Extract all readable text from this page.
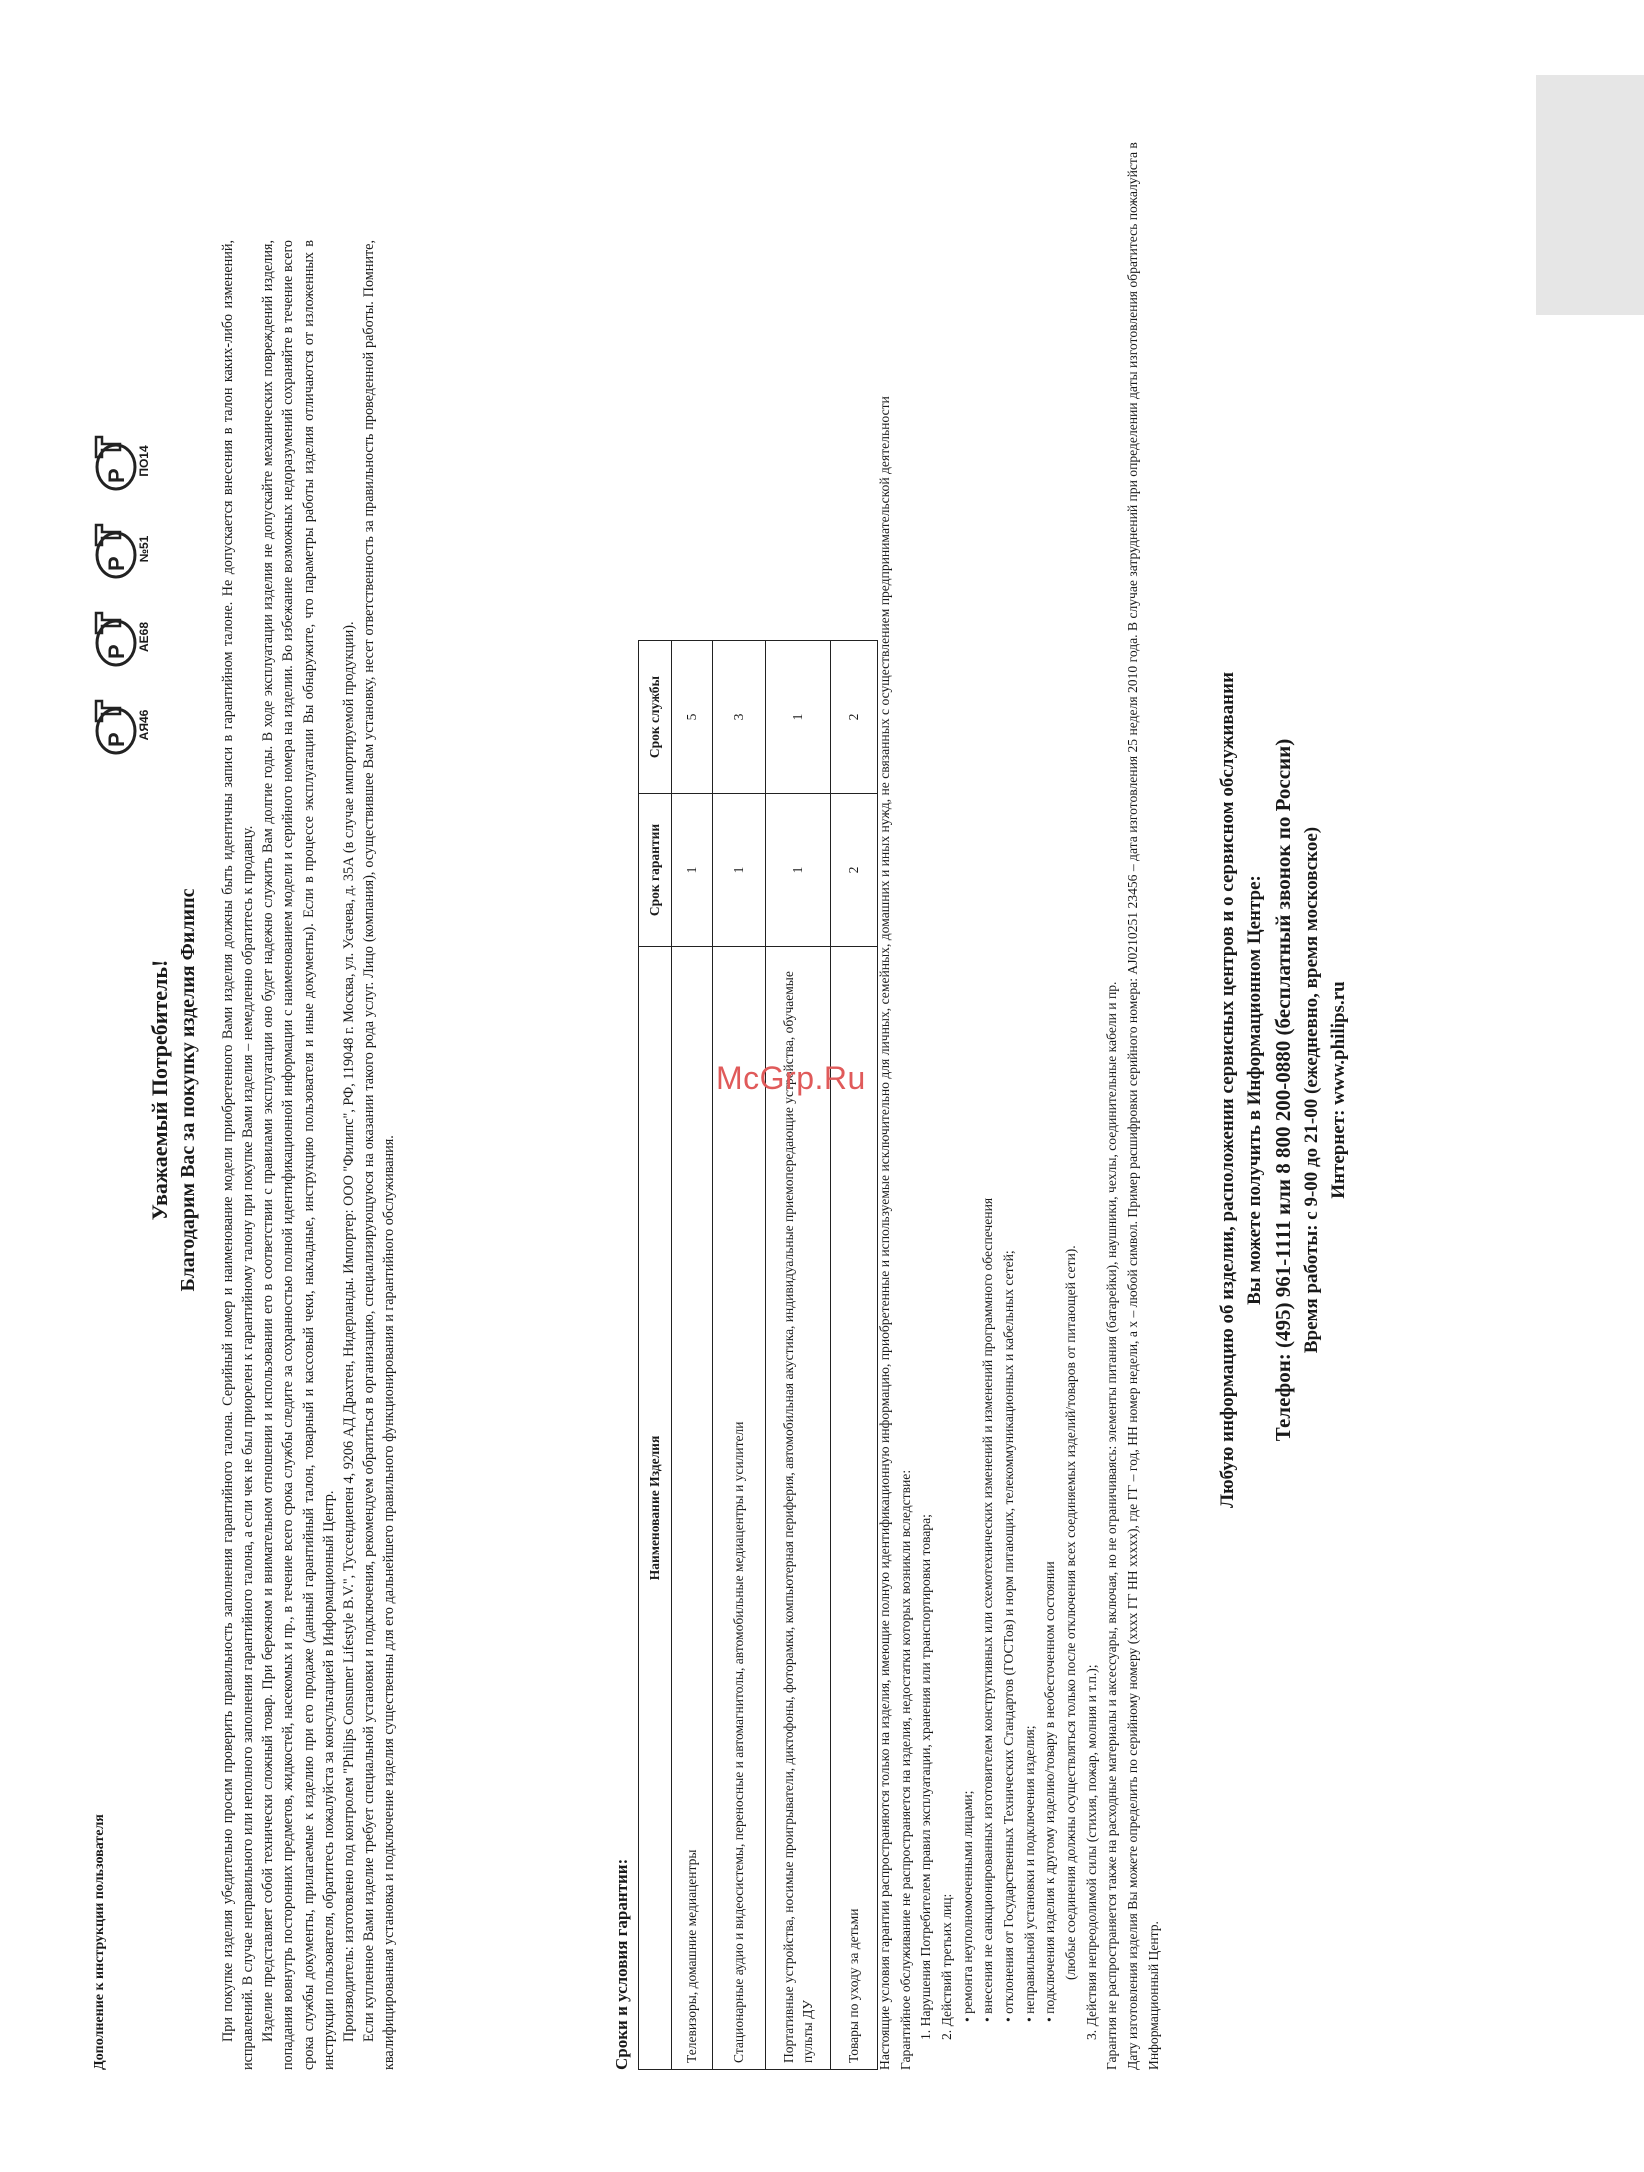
Дополнение к инструкции пользователя
Р АЯ46
Р АЕ68
Р
№51
Р ПО14
Уважаемый Потребитель! Благодарим Вас за покупку изделия Филипс При покупке изделия убедительно просим проверить правильность заполнения гарантийного талона. Серийный номер и наименование модели приобретенного Вами изделия должны быть идентичны записи в гарантийном талоне. Не допускается внесения в талон каких-либо изменений, исправлений. В случае неправильного или неполного заполнения гарантийного талона, а если чек не был приорелен к гарантийному талону при покупке Вами изделия – немедленно обратитесь к продавцу. Изделие представляет собой технически сложный товар. При бережном и внимательном отношении и использовании его в соответствии с правилами эксплуатации оно будет надежно служить Вам долгие годы. В ходе эксплуатации изделия не допускайте механических повреждений изделия, попадания вовнутрь посторонних предметов, жидкостей, насекомых и пр., в течение всего срока службы следите за сохранностью полной идентификационной информации с наименованием модели и серийного номера на изделии. Во избежание возможных недоразумений сохраняйте в течение всего срока службы документы, прилагаемые к изделию при его продаже (данный гарантийный талон, товарный и кассовый чеки, накладные, инструкцию пользователя и иные документы). Если в процессе эксплуатации Вы обнаружите, что параметры работы изделия отличаются от изложенных в инструкции пользователя, обратитесь пожалуйста за консультацией в Информационный Центр. Производитель: изготовлено под контролем "Philips Consumer Lifestyle B.V.", Туссендиепен 4, 9206 АД Драхтен, Нидерланды. Импортер: ООО "Филипс", РФ, 119048 г. Москва, ул. Усачева, д. 35А (в случае импортируемой продукции). Если купленное Вами изделие требует специальной установки и подключения, рекомендуем обратиться в организацию, специализирующуюся на оказании такого рода услуг. Лицо (компания), осуществившее Вам установку, несет ответственность за правильность проведенной работы. Помните, квалифицированная установка и подключение изделия существенны для его дальнейшего правильного функционирования и гарантийного обслуживания.	Сроки и условия гарантии:
Наименование Изделия	Срок гарантии	Срок службы
Телевизоры, домашние медиацентры	1	5
Стационарные аудио и видеосистемы, переносные и автомагнитолы, автомобильные медиацентры и усилители	1	3
Портативные устройства, носимые проигрыватели, диктофоны, фоторамки, компьютерная периферия, автомобильная акустика, индивидуальные приемопередающие устройства, обучаемые пульты ДУ	1	1
Товары по уходу за детьми	2	2 Настоящие условия гарантии распространяются только на изделия, имеющие полную идентификационную информацию, приобретенные и используемые исключительно для личных, семейных, домашних и иных нужд, не связанных с осуществлением предпринимательской деятельности Гарантийное обслуживание не распространяется на изделия, недостатки которых возникли вследствие: 1. Нарушения Потребителем правил эксплуатации, хранения или транспортировки товара; 2. Действий третьих лиц: • ремонта неуполномоченными лицами; • внесения не санкционированных изготовителем конструктивных или схемотехнических изменений и изменений программного обеспечения • отклонения от Государственных Технических Стандартов (ГОСТов) и норм питающих, телекоммуникационных и кабельных сетей; • неправильной установки и подключения изделия; • подключения изделия к другому изделию/товару в необесточенном состоянии (любые соединения должны осуществляться только после отключения всех соединяемых изделий/товаров от питающей сети). 3. Действия непреодолимой силы (стихия, пожар, молния и т.п.); Гарантия не распространяется также на расходные материалы и аксессуары, включая, но не ограничиваясь: элементы питания (батарейки), наушники, чехлы, соединительные кабели и пр. Дату изготовления изделия Вы можете определить по серийному номеру (хххх ГГ НН ххххх), где ГГ – год, НН номер недели, а х – любой символ. Пример расшифровки серийного номера: АЈ0210251 23456 – дата изготовления 25 неделя 2010 года. В случае затруднений при определении даты изготовления обратитесь пожалуйста в Информационный Центр.

Любую информацию об изделии, расположении сервисных центров и о сервисном обслуживании Вы можете получить в Информационном Центре: Телефон: (495) 961-1111 или 8 800 200-0880 (бесплатный звонок по России) Время работы: с 9-00 до 21-00 (ежедневно, время московское) Интернет: www.philips.ru
McGrp.Ru
